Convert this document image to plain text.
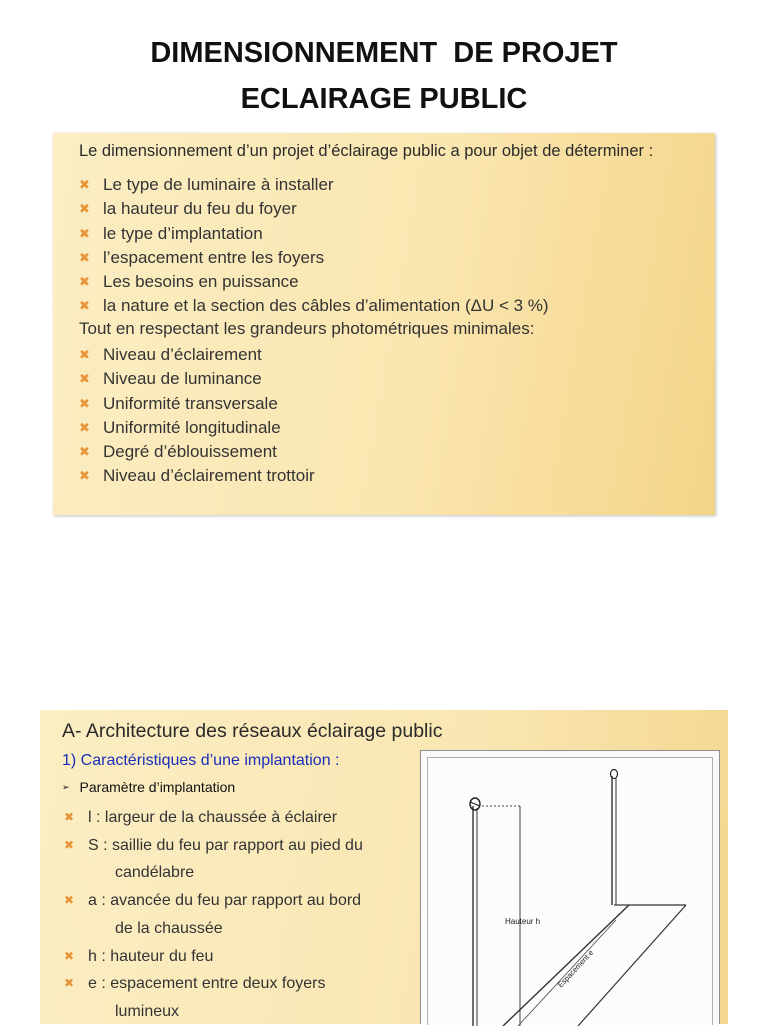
DIMENSIONNEMENT  DE PROJET
ECLAIRAGE PUBLIC
Le dimensionnement d’un projet d’éclairage public a pour objet de déterminer :
✖ Le type de luminaire à installer
✖ la hauteur du feu du foyer
✖ le type d’implantation
✖ l’espacement entre les foyers
✖ Les besoins en puissance
✖ la nature et la section des câbles d’alimentation (ΔU < 3 %)
Tout en respectant les grandeurs photométriques minimales:
✖ Niveau d’éclairement
✖ Niveau de luminance
✖ Uniformité transversale
✖ Uniformité longitudinale
✖ Degré d’éblouissement
✖ Niveau d’éclairement trottoir
A- Architecture des réseaux éclairage public
1) Caractéristiques d’une implantation :
➢ Paramètre d’implantation
✖ l : largeur de la chaussée à éclairer
✖ S : saillie du feu par rapport au pied du
candélabre
✖ a : avancée du feu par rapport au bord
de la chaussée
✖ h : hauteur du feu
✖ e : espacement entre deux foyers
lumineux
Hauteur h
Espacement e
